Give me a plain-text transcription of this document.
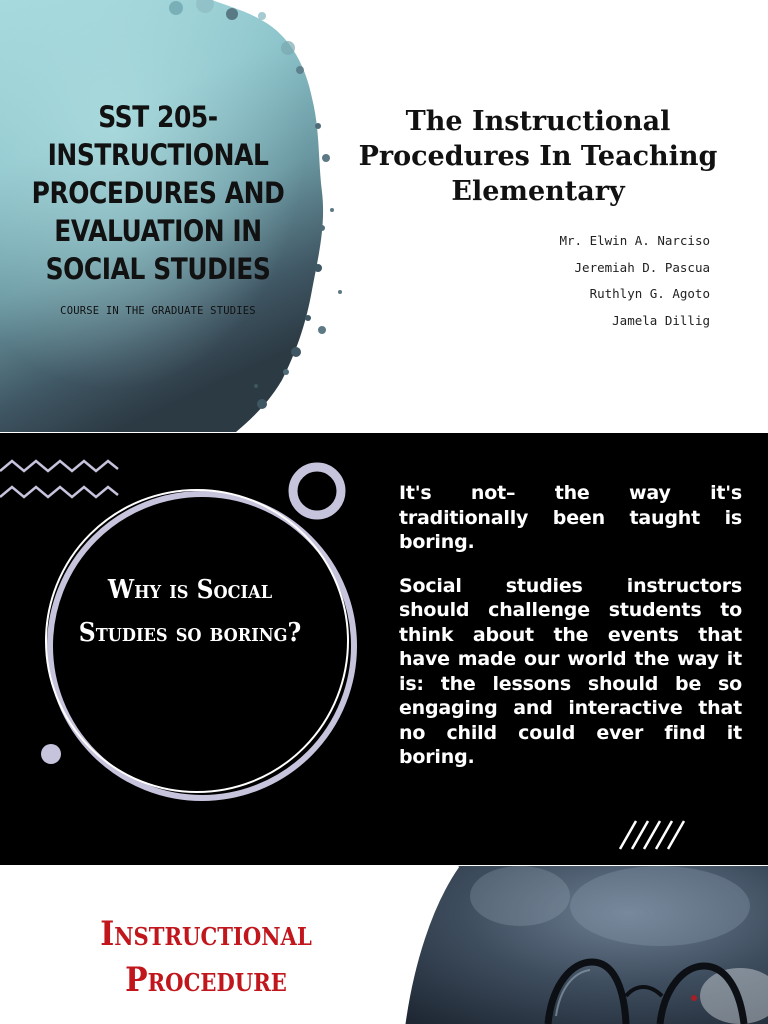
SST 205- INSTRUCTIONAL PROCEDURES AND EVALUATION IN SOCIAL STUDIES

COURSE IN THE GRADUATE STUDIES

The Instructional Procedures In Teaching Elementary
Mr. Elwin A. Narciso
Jeremiah D. Pascua
Ruthlyn G. Agoto
Jamela Dillig
Why is Social Studies so boring?

It's not– the way it's traditionally been taught is boring.

Social studies instructors should challenge students to think about the events that have made our world the way it is: the lessons should be so engaging and interactive that no child could ever find it boring.

Instructional Procedure
